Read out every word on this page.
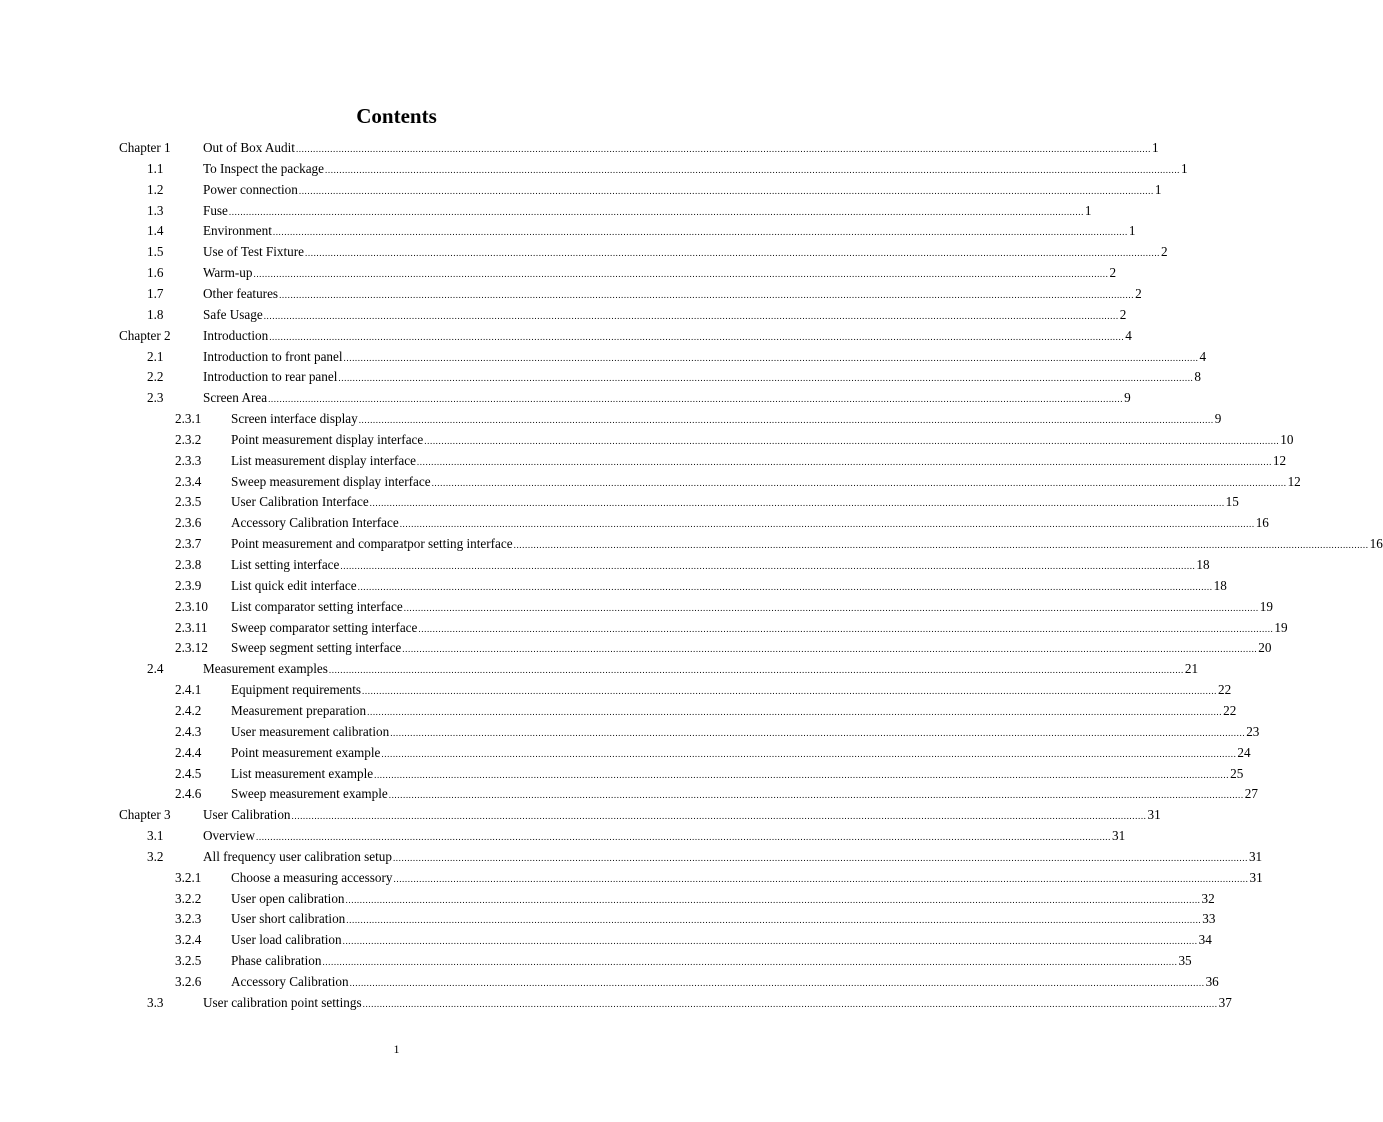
Contents
Chapter 1 Out of Box Audit ............................................................................................................................................................................................................................................................................................................ 1
1.1	To Inspect the package ............................................................................................................................................................................................................................................................................................................ 1
1.2	Power connection ............................................................................................................................................................................................................................................................................................................ 1
1.3	Fuse ............................................................................................................................................................................................................................................................................................................ 1
1.4	Environment ............................................................................................................................................................................................................................................................................................................ 1
1.5	Use of Test Fixture ............................................................................................................................................................................................................................................................................................................ 2
1.6	Warm-up ............................................................................................................................................................................................................................................................................................................ 2
1.7	Other features ............................................................................................................................................................................................................................................................................................................ 2
1.8	Safe Usage ............................................................................................................................................................................................................................................................................................................ 2
Chapter 2 Introduction ............................................................................................................................................................................................................................................................................................................ 4
2.1	Introduction to front panel ............................................................................................................................................................................................................................................................................................................ 4
2.2	Introduction to rear panel ............................................................................................................................................................................................................................................................................................................ 8
2.3	Screen Area ............................................................................................................................................................................................................................................................................................................ 9
2.3.1 Screen interface display ............................................................................................................................................................................................................................................................................................................ 9
2.3.2 Point measurement display interface ............................................................................................................................................................................................................................................................................................................ 10
2.3.3 List measurement display interface ............................................................................................................................................................................................................................................................................................................ 12
2.3.4 Sweep measurement display interface ............................................................................................................................................................................................................................................................................................................ 12
2.3.5 User Calibration Interface ............................................................................................................................................................................................................................................................................................................ 15
2.3.6 Accessory Calibration Interface ............................................................................................................................................................................................................................................................................................................ 16
2.3.7 Point measurement and comparatpor setting interface ............................................................................................................................................................................................................................................................................................................ 16
2.3.8 List setting interface ............................................................................................................................................................................................................................................................................................................ 18
2.3.9 List quick edit interface ............................................................................................................................................................................................................................................................................................................ 18
2.3.10 List comparator setting interface ............................................................................................................................................................................................................................................................................................................ 19
2.3.11 Sweep comparator setting interface ............................................................................................................................................................................................................................................................................................................ 19
2.3.12 Sweep segment setting interface ............................................................................................................................................................................................................................................................................................................ 20
2.4	Measurement examples ............................................................................................................................................................................................................................................................................................................ 21
2.4.1 Equipment requirements ............................................................................................................................................................................................................................................................................................................ 22
2.4.2 Measurement preparation ............................................................................................................................................................................................................................................................................................................ 22
2.4.3 User measurement calibration ............................................................................................................................................................................................................................................................................................................ 23
2.4.4 Point measurement example ............................................................................................................................................................................................................................................................................................................ 24
2.4.5 List measurement example ............................................................................................................................................................................................................................................................................................................ 25
2.4.6 Sweep measurement example ............................................................................................................................................................................................................................................................................................................ 27
Chapter 3 User Calibration ............................................................................................................................................................................................................................................................................................................ 31
3.1	Overview ............................................................................................................................................................................................................................................................................................................ 31
3.2	All frequency user calibration setup ............................................................................................................................................................................................................................................................................................................ 31
3.2.1 Choose a measuring accessory ............................................................................................................................................................................................................................................................................................................ 31
3.2.2 User open calibration ............................................................................................................................................................................................................................................................................................................ 32
3.2.3 User short calibration ............................................................................................................................................................................................................................................................................................................ 33
3.2.4 User load calibration ............................................................................................................................................................................................................................................................................................................ 34
3.2.5 Phase calibration ............................................................................................................................................................................................................................................................................................................ 35
3.2.6 Accessory Calibration ............................................................................................................................................................................................................................................................................................................ 36
3.3	User calibration point settings ............................................................................................................................................................................................................................................................................................................ 37
1
